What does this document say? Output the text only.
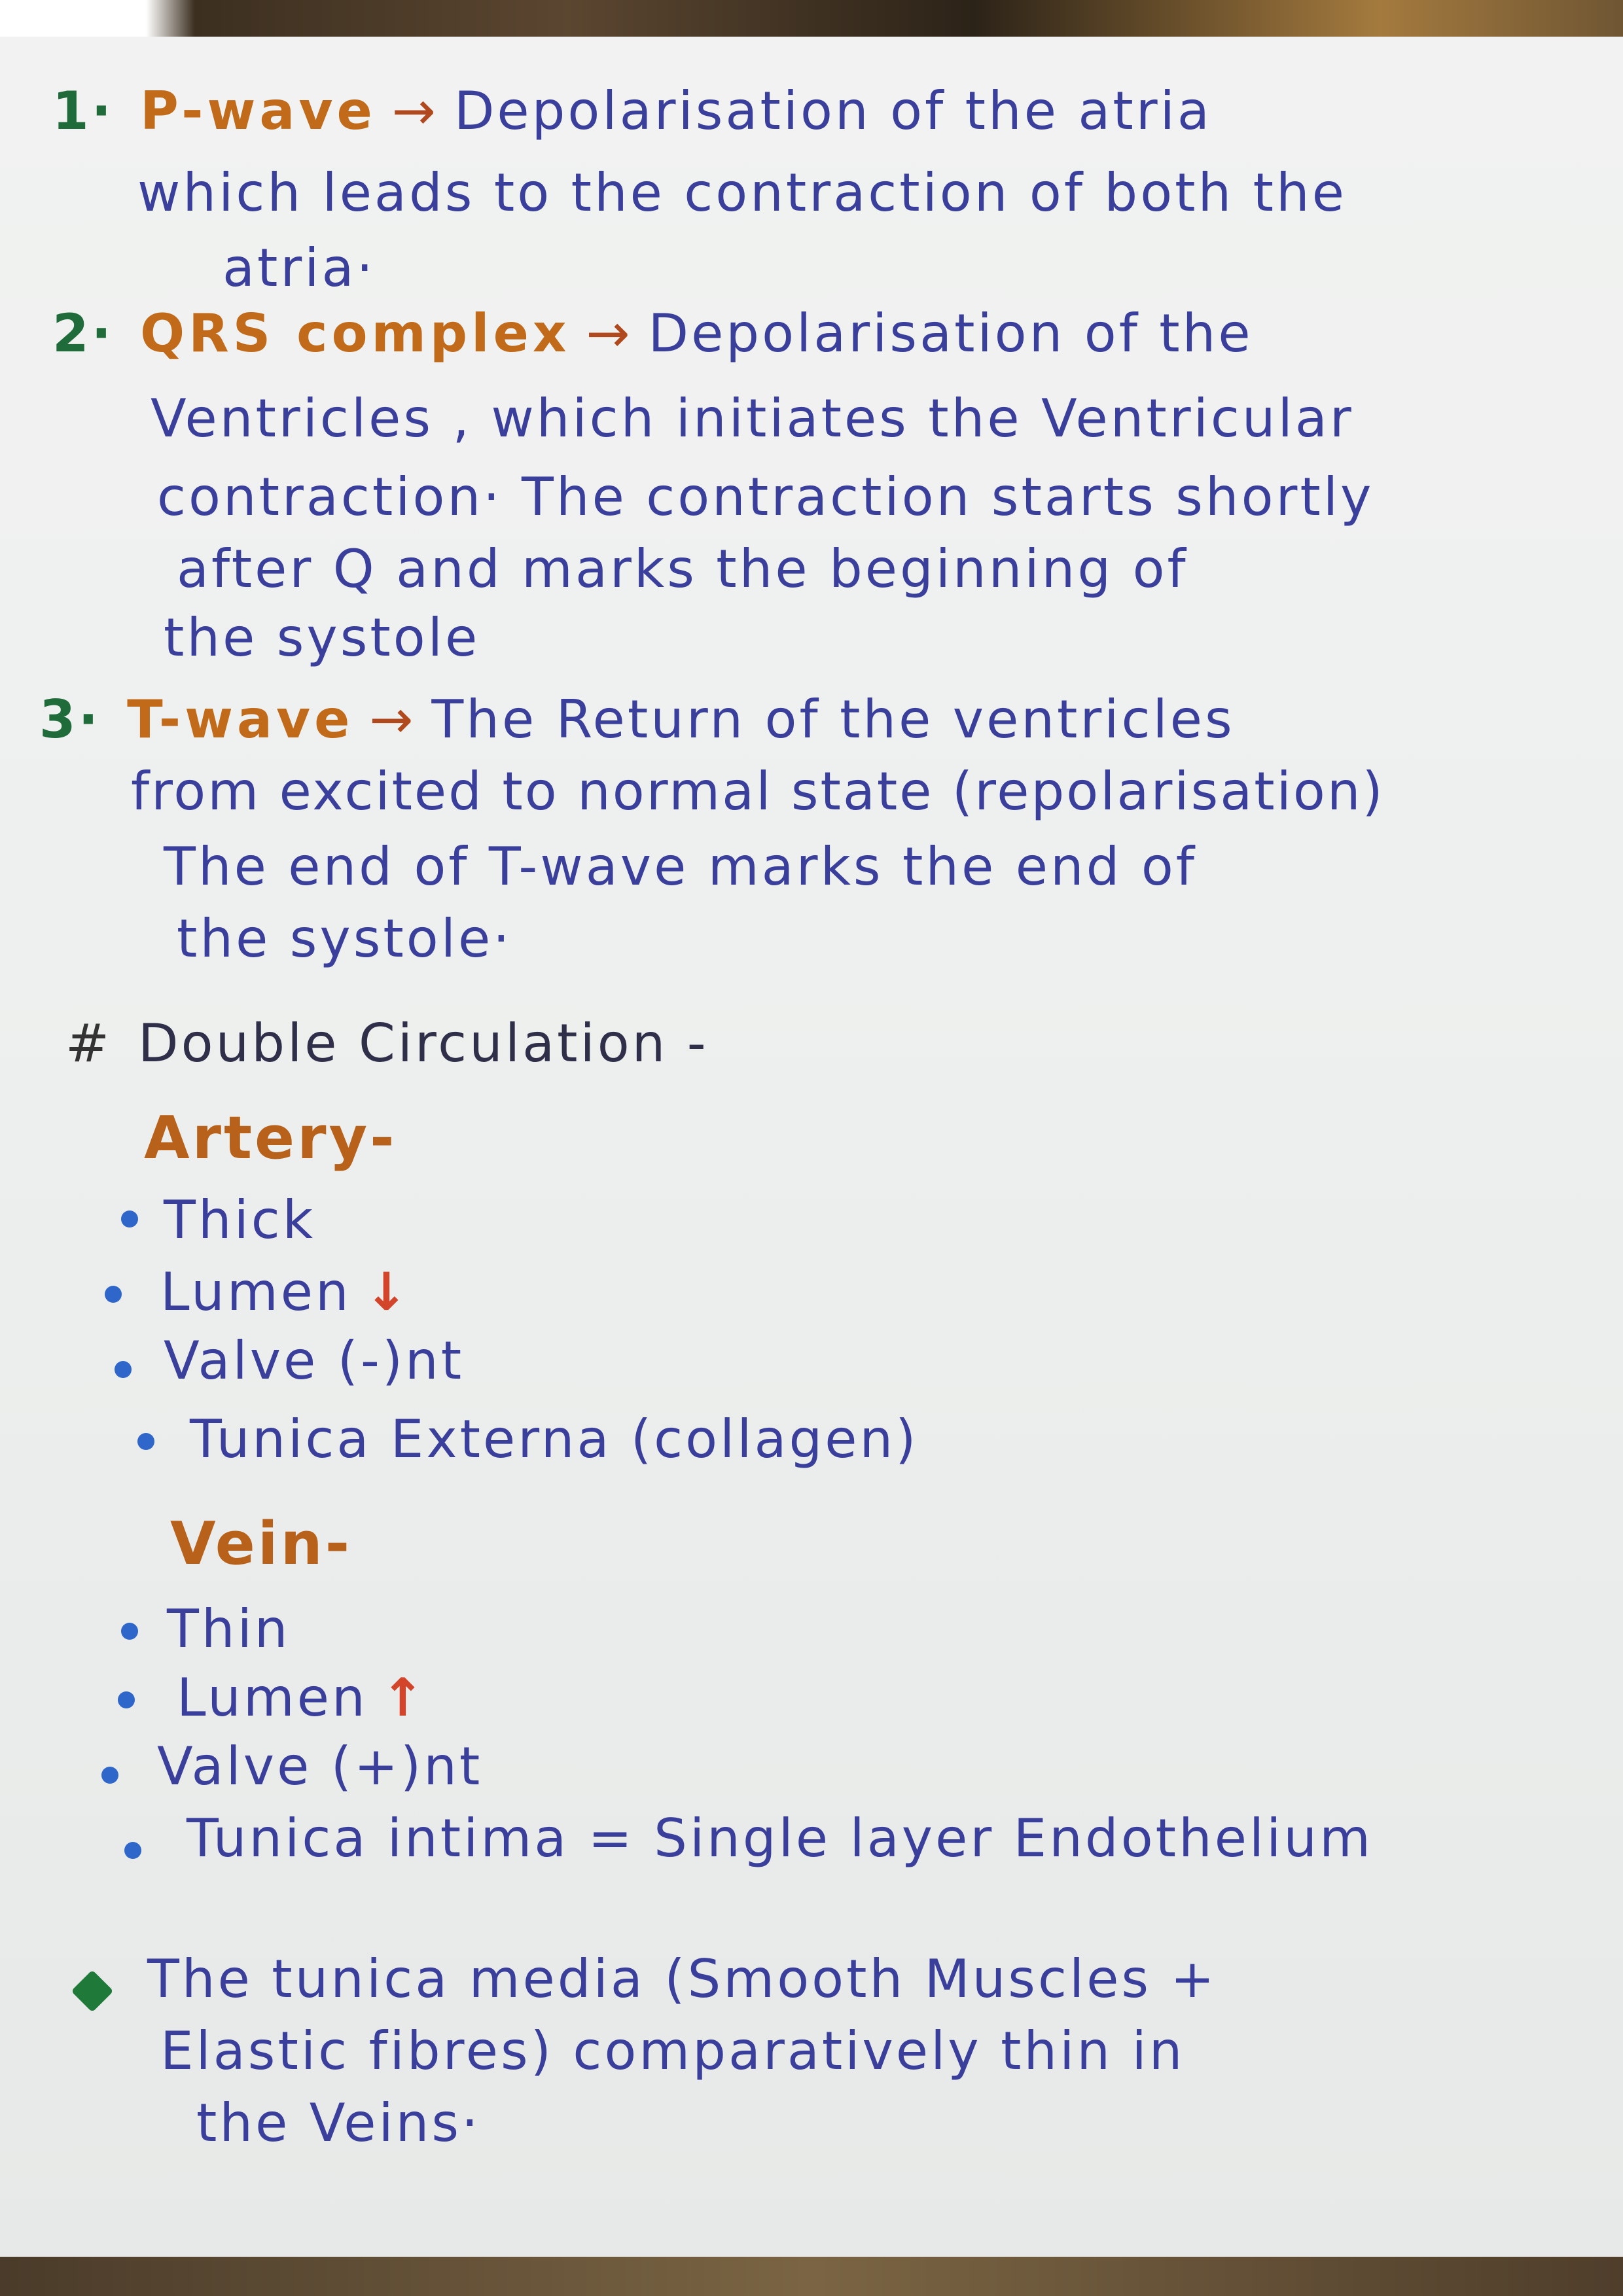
1· P-wave → Depolarisation of the atria
which leads to the contraction of both the
atria·
2· QRS complex → Depolarisation of the
Ventricles , which initiates the Ventricular
contraction· The contraction starts shortly
after Q and marks the beginning of
the systole
3· T-wave → The Return of the ventricles
from excited to normal state (repolarisation)
The end of T-wave marks the end of
the systole·
# Double Circulation -
Artery-
Thick
Lumen ↓
Valve (-)nt
Tunica Externa (collagen)
Vein-
Thin
Lumen ↑
Valve (+)nt
Tunica intima = Single layer Endothelium
The tunica media (Smooth Muscles +
Elastic fibres) comparatively thin in
the Veins·
